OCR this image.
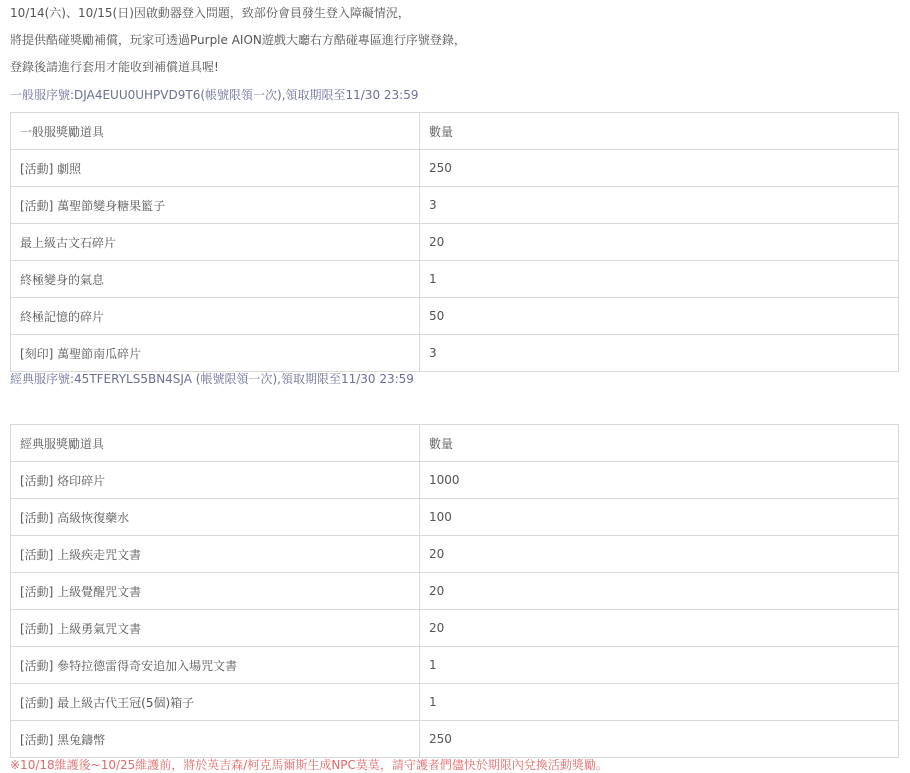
10/14(六)、10/15(日)因啟動器登入問題，致部份會員發生登入障礙情況，
將提供酷碰獎勵補償，玩家可透過Purple AION遊戲大廳右方酷碰專區進行序號登錄，
登錄後請進行套用才能收到補償道具喔!
一般服序號:DJA4EUU0UHPVD9T6(帳號限領一次),領取期限至11/30 23:59
一般服獎勵道具	數量
[活動] 劇照	250
[活動] 萬聖節變身糖果籃子	3
最上級古文石碎片	20
終極變身的氣息	1
終極記憶的碎片	50
[刻印] 萬聖節南瓜碎片	3
經典服序號:45TFERYLS5BN4SJA (帳號限領一次),領取期限至11/30 23:59
經典服獎勵道具	數量
[活動] 烙印碎片	1000
[活動] 高級恢復藥水	100
[活動] 上級疾走咒文書	20
[活動] 上級覺醒咒文書	20
[活動] 上級勇氣咒文書	20
[活動] 參特拉德雷得奇安追加入場咒文書	1
[活動] 最上級古代王冠(5個)箱子	1
[活動] 黑兔鑄幣	250
※10/18維護後~10/25維護前，將於英吉森/柯克馬爾斯生成NPC莫莫，請守護者們儘快於期限內兌換活動獎勵。
